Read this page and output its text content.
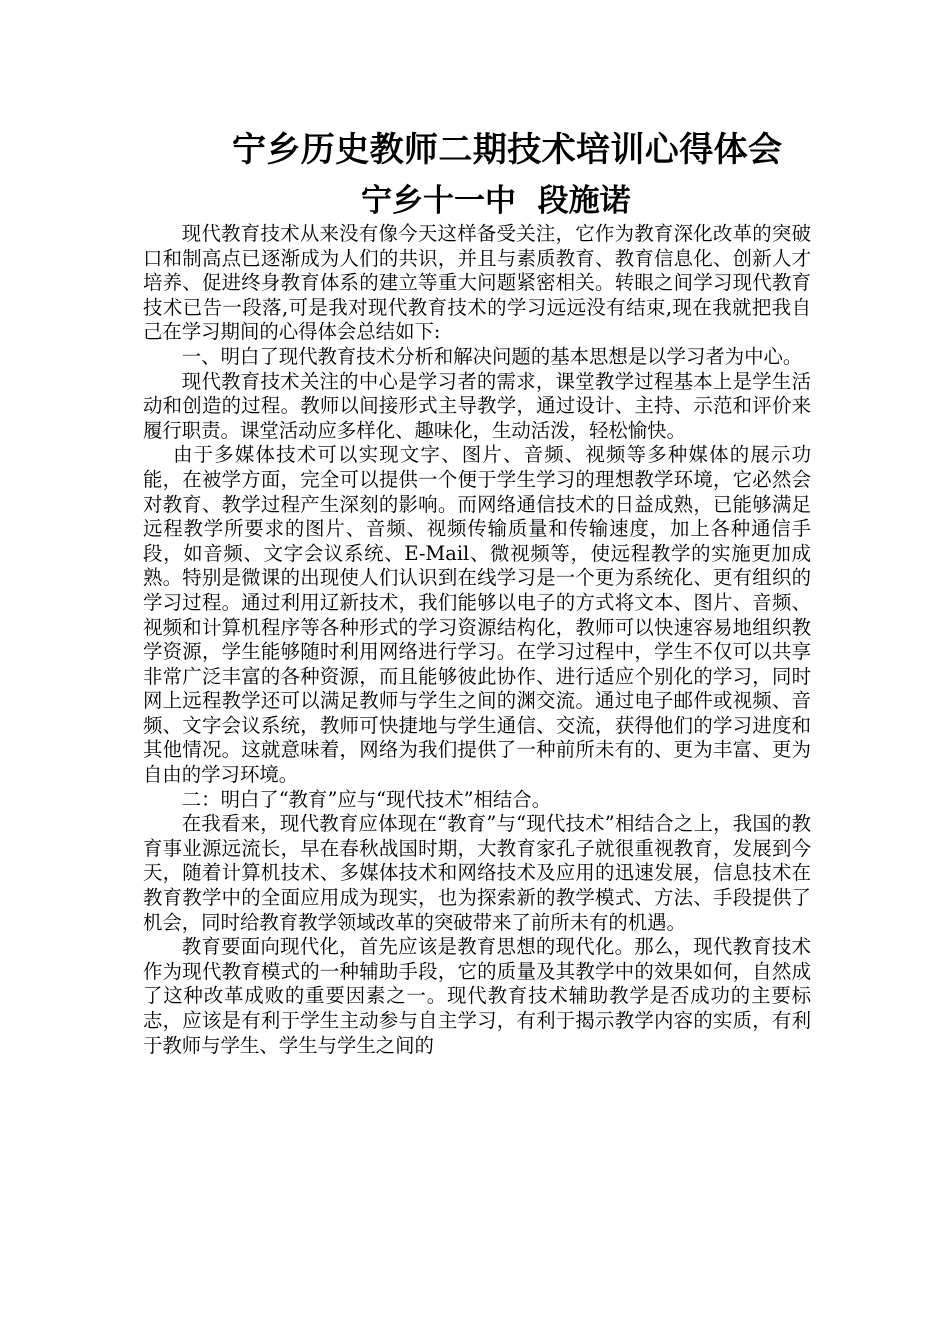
宁乡历史教师二期技术培训心得体会
宁乡十一中  段施诺

现代教育技术从来没有像今天这样备受关注，它作为教育深化改革的突破口和制高点已逐渐成为人们的共识，并且与素质教育、教育信息化、创新人才培养、促进终身教育体系的建立等重大问题紧密相关。转眼之间学习现代教育技术已告一段落,可是我对现代教育技术的学习远远没有结束,现在我就把我自己在学习期间的心得体会总结如下:

一、明白了现代教育技术分析和解决问题的基本思想是以学习者为中心。

现代教育技术关注的中心是学习者的需求，课堂教学过程基本上是学生活动和创造的过程。教师以间接形式主导教学，通过设计、主持、示范和评价来履行职责。课堂活动应多样化、趣味化，生动活泼，轻松愉快。

由于多媒体技术可以实现文字、图片、音频、视频等多种媒体的展示功能，在被学方面，完全可以提供一个便于学生学习的理想教学环境，它必然会对教育、教学过程产生深刻的影响。而网络通信技术的日益成熟，已能够满足远程教学所要求的图片、音频、视频传输质量和传输速度，加上各种通信手段，如音频、文字会议系统、E-Mail、微视频等，使远程教学的实施更加成熟。特别是微课的出现使人们认识到在线学习是一个更为系统化、更有组织的学习过程。通过利用辽新技术，我们能够以电子的方式将文本、图片、音频、视频和计算机程序等各种形式的学习资源结构化，教师可以快速容易地组织教学资源，学生能够随时利用网络进行学习。在学习过程中，学生不仅可以共享非常广泛丰富的各种资源，而且能够彼此协作、进行适应个别化的学习，同时网上远程教学还可以满足教师与学生之间的渊交流。通过电子邮件或视频、音频、文字会议系统，教师可快捷地与学生通信、交流，获得他们的学习进度和其他情况。这就意味着，网络为我们提供了一种前所未有的、更为丰富、更为自由的学习环境。

二：明白了“教育”应与“现代技术”相结合。

在我看来，现代教育应体现在“教育”与“现代技术”相结合之上，我国的教育事业源远流长，早在春秋战国时期，大教育家孔子就很重视教育，发展到今天，随着计算机技术、多媒体技术和网络技术及应用的迅速发展，信息技术在教育教学中的全面应用成为现实，也为探索新的教学模式、方法、手段提供了机会，同时给教育教学领域改革的突破带来了前所未有的机遇。

教育要面向现代化，首先应该是教育思想的现代化。那么，现代教育技术作为现代教育模式的一种辅助手段，它的质量及其教学中的效果如何，自然成了这种改革成败的重要因素之一。现代教育技术辅助教学是否成功的主要标志，应该是有利于学生主动参与自主学习，有利于揭示教学内容的实质，有利于教师与学生、学生与学生之间的
